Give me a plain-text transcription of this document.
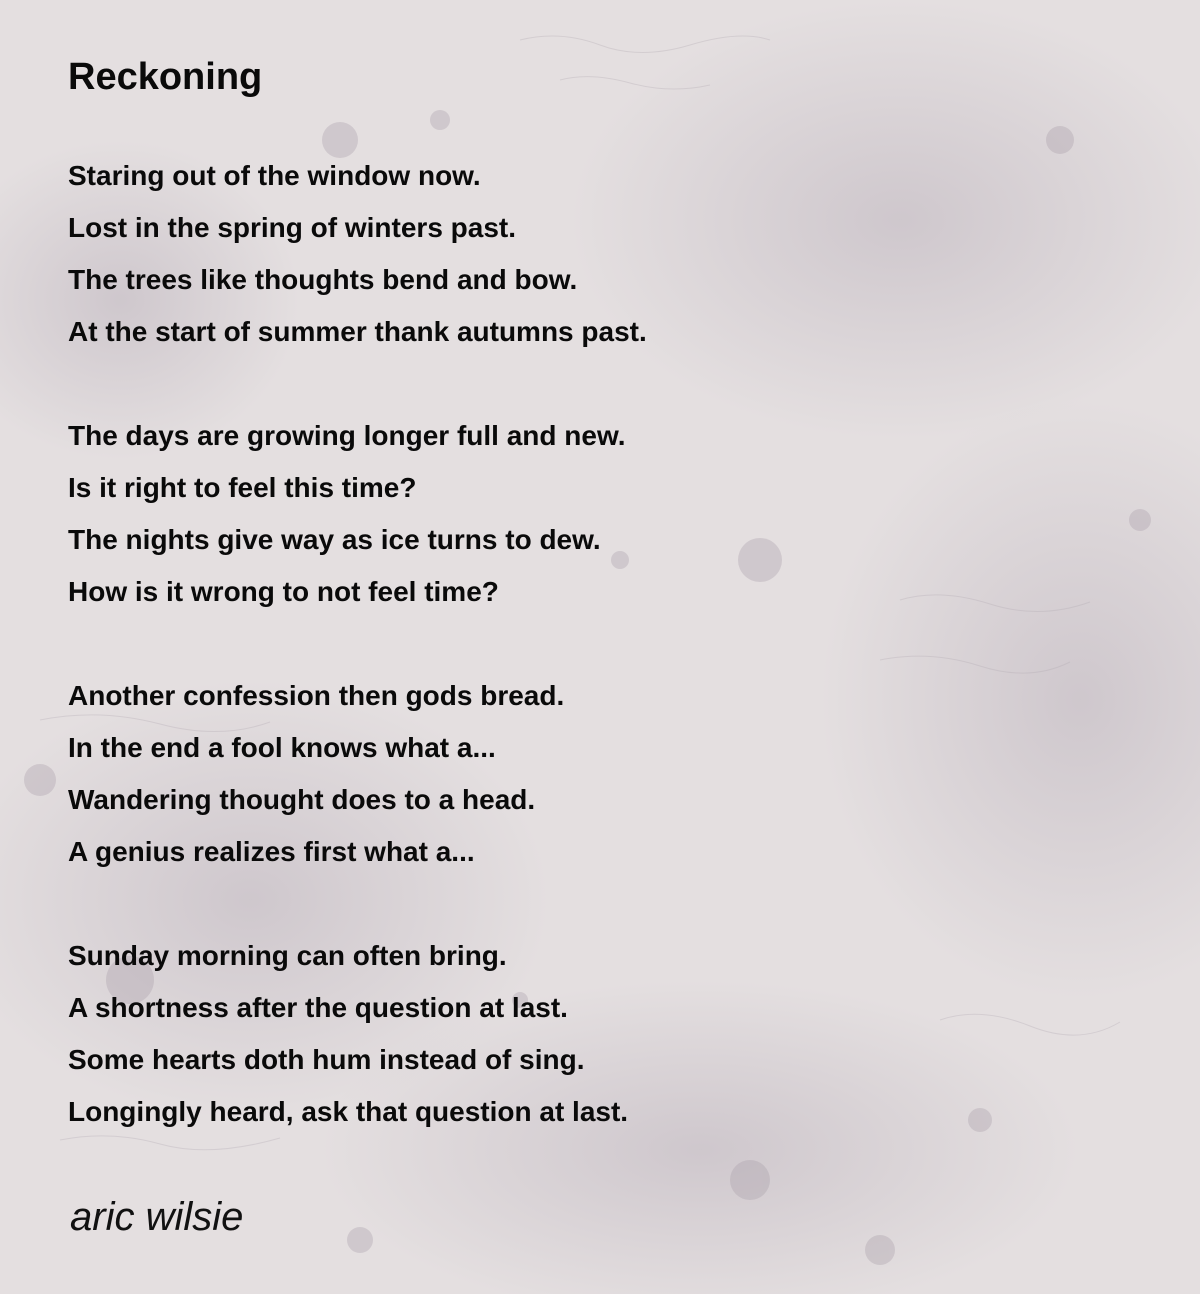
Reckoning
Staring out of the window now.
Lost in the spring of winters past.
The trees like thoughts bend and bow.
At the start of summer thank autumns past.
The days are growing longer full and new.
Is it right to feel this time?
The nights give way as ice turns to dew.
How is it wrong to not feel time?
Another confession then gods bread.
In the end a fool knows what a...
Wandering thought does to a head.
A genius realizes first what a...
Sunday morning can often bring.
A shortness after the question at last.
Some hearts doth hum instead of sing.
Longingly heard, ask that question at last.
aric wilsie
